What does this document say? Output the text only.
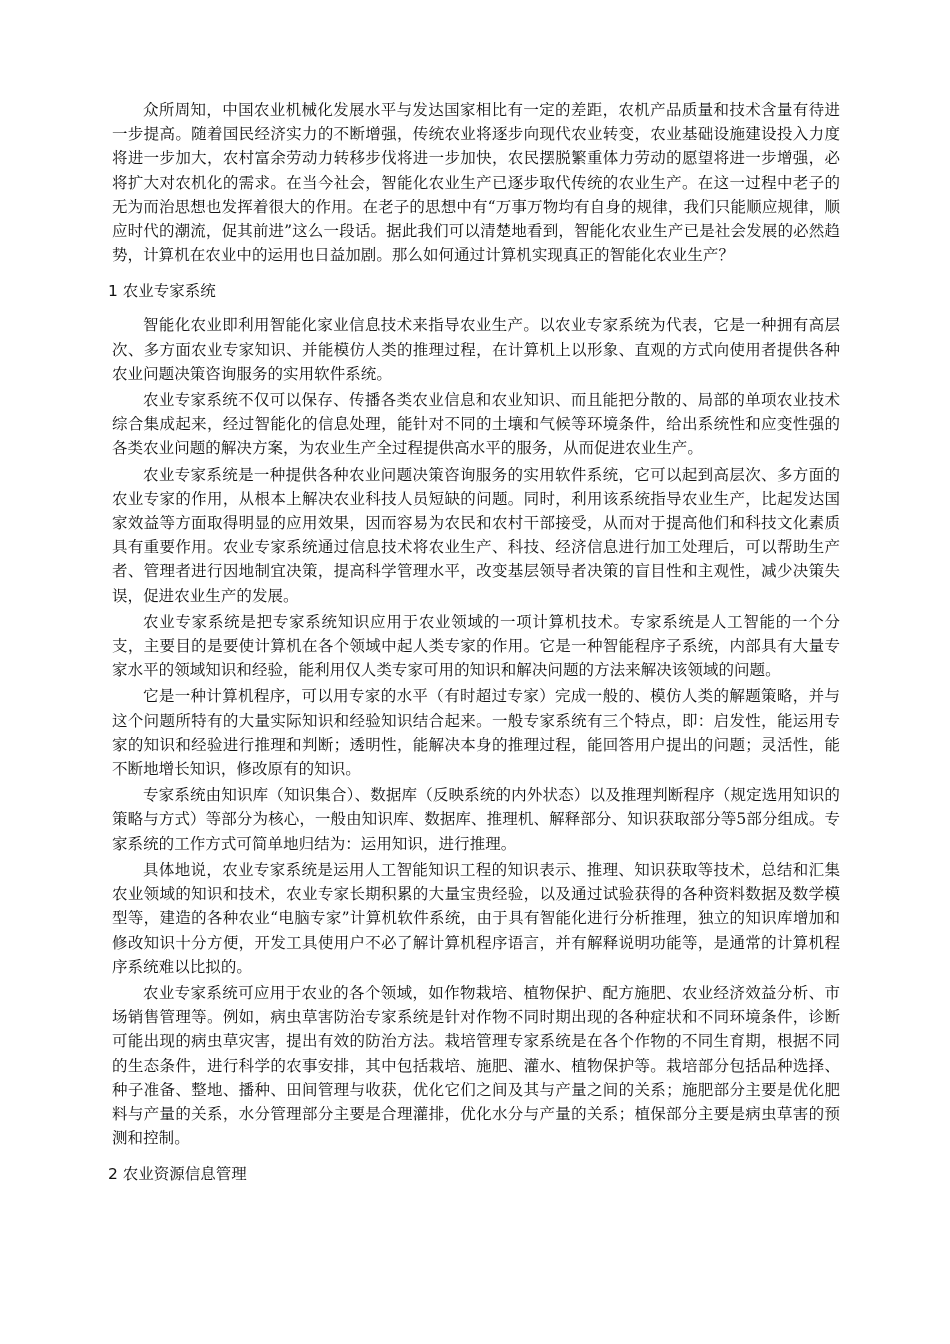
众所周知，中国农业机械化发展水平与发达国家相比有一定的差距，农机产品质量和技术含量有待进一步提高。随着国民经济实力的不断增强，传统农业将逐步向现代农业转变，农业基础设施建设投入力度将进一步加大，农村富余劳动力转移步伐将进一步加快，农民摆脱繁重体力劳动的愿望将进一步增强，必将扩大对农机化的需求。在当今社会，智能化农业生产已逐步取代传统的农业生产。在这一过程中老子的无为而治思想也发挥着很大的作用。在老子的思想中有“万事万物均有自身的规律，我们只能顺应规律，顺应时代的潮流，促其前进”这么一段话。据此我们可以清楚地看到，智能化农业生产已是社会发展的必然趋势，计算机在农业中的运用也日益加剧。那么如何通过计算机实现真正的智能化农业生产？

1 农业专家系统

智能化农业即利用智能化家业信息技术来指导农业生产。以农业专家系统为代表，它是一种拥有高层次、多方面农业专家知识、并能模仿人类的推理过程，在计算机上以形象、直观的方式向使用者提供各种农业问题决策咨询服务的实用软件系统。

农业专家系统不仅可以保存、传播各类农业信息和农业知识、而且能把分散的、局部的单项农业技术综合集成起来，经过智能化的信息处理，能针对不同的土壤和气候等环境条件，给出系统性和应变性强的各类农业问题的解决方案，为农业生产全过程提供高水平的服务，从而促进农业生产。

农业专家系统是一种提供各种农业问题决策咨询服务的实用软件系统，它可以起到高层次、多方面的农业专家的作用，从根本上解决农业科技人员短缺的问题。同时，利用该系统指导农业生产，比起发达国家效益等方面取得明显的应用效果，因而容易为农民和农村干部接受，从而对于提高他们和科技文化素质具有重要作用。农业专家系统通过信息技术将农业生产、科技、经济信息进行加工处理后，可以帮助生产者、管理者进行因地制宜决策，提高科学管理水平，改变基层领导者决策的盲目性和主观性，减少决策失误，促进农业生产的发展。

农业专家系统是把专家系统知识应用于农业领域的一项计算机技术。专家系统是人工智能的一个分支，主要目的是要使计算机在各个领域中起人类专家的作用。它是一种智能程序子系统，内部具有大量专家水平的领域知识和经验，能利用仅人类专家可用的知识和解决问题的方法来解决该领域的问题。

它是一种计算机程序，可以用专家的水平（有时超过专家）完成一般的、模仿人类的解题策略，并与这个问题所特有的大量实际知识和经验知识结合起来。一般专家系统有三个特点，即：启发性，能运用专家的知识和经验进行推理和判断；透明性，能解决本身的推理过程，能回答用户提出的问题；灵活性，能不断地增长知识，修改原有的知识。

专家系统由知识库（知识集合）、数据库（反映系统的内外状态）以及推理判断程序（规定选用知识的策略与方式）等部分为核心，一般由知识库、数据库、推理机、解释部分、知识获取部分等5部分组成。专家系统的工作方式可简单地归结为：运用知识，进行推理。

具体地说，农业专家系统是运用人工智能知识工程的知识表示、推理、知识获取等技术，总结和汇集农业领域的知识和技术，农业专家长期积累的大量宝贵经验，以及通过试验获得的各种资料数据及数学模型等，建造的各种农业“电脑专家”计算机软件系统，由于具有智能化进行分析推理，独立的知识库增加和修改知识十分方便，开发工具使用户不必了解计算机程序语言，并有解释说明功能等，是通常的计算机程序系统难以比拟的。

农业专家系统可应用于农业的各个领域，如作物栽培、植物保护、配方施肥、农业经济效益分析、市场销售管理等。例如，病虫草害防治专家系统是针对作物不同时期出现的各种症状和不同环境条件，诊断可能出现的病虫草灾害，提出有效的防治方法。栽培管理专家系统是在各个作物的不同生育期，根据不同的生态条件，进行科学的农事安排，其中包括栽培、施肥、灌水、植物保护等。栽培部分包括品种选择、种子准备、整地、播种、田间管理与收获，优化它们之间及其与产量之间的关系；施肥部分主要是优化肥料与产量的关系，水分管理部分主要是合理灌排，优化水分与产量的关系；植保部分主要是病虫草害的预测和控制。

2 农业资源信息管理
